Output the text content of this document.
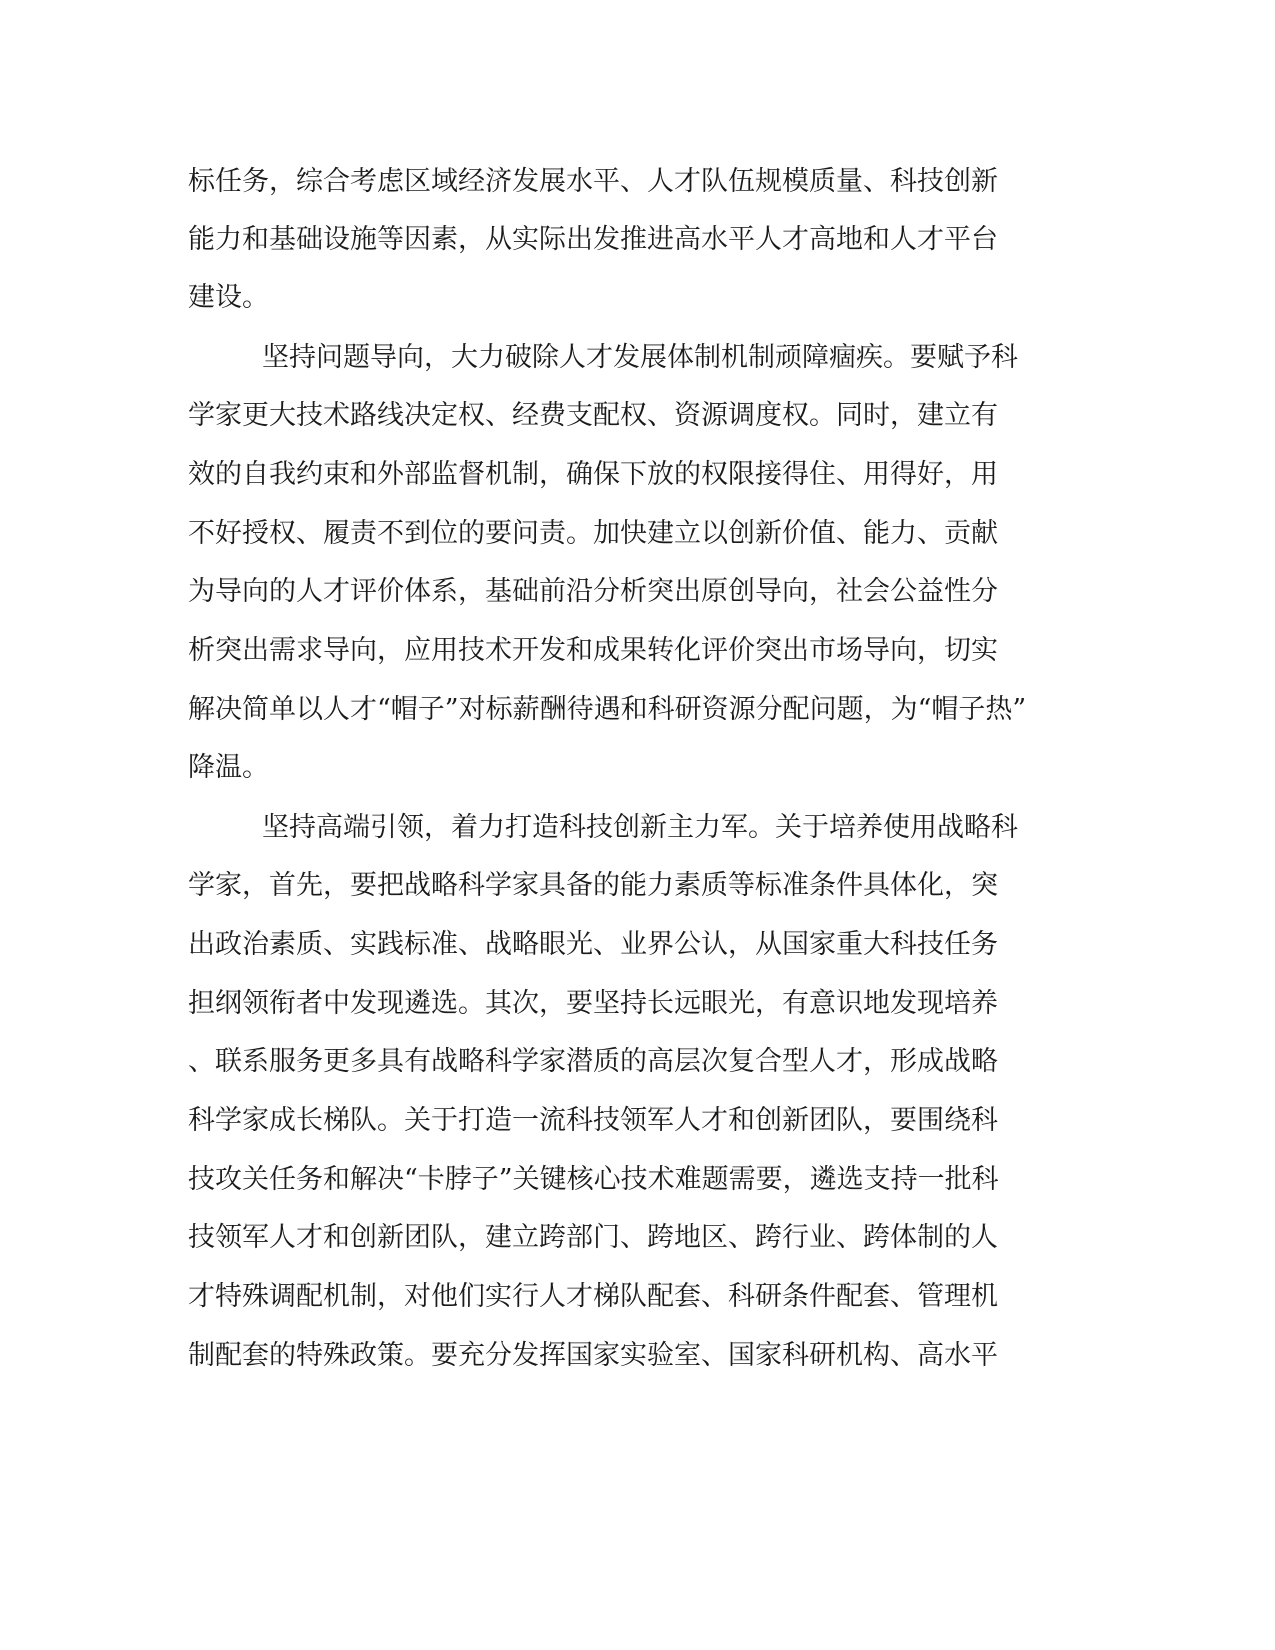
标任务，综合考虑区域经济发展水平、人才队伍规模质量、科技创新
能力和基础设施等因素，从实际出发推进高水平人才高地和人才平台
建设。
坚持问题导向，大力破除人才发展体制机制顽障痼疾。要赋予科
学家更大技术路线决定权、经费支配权、资源调度权。同时，建立有
效的自我约束和外部监督机制，确保下放的权限接得住、用得好，用
不好授权、履责不到位的要问责。加快建立以创新价值、能力、贡献
为导向的人才评价体系，基础前沿分析突出原创导向，社会公益性分
析突出需求导向，应用技术开发和成果转化评价突出市场导向，切实
解决简单以人才“帽子”对标薪酬待遇和科研资源分配问题，为“帽子热”
降温。
坚持高端引领，着力打造科技创新主力军。关于培养使用战略科
学家，首先，要把战略科学家具备的能力素质等标准条件具体化，突
出政治素质、实践标准、战略眼光、业界公认，从国家重大科技任务
担纲领衔者中发现遴选。其次，要坚持长远眼光，有意识地发现培养
、联系服务更多具有战略科学家潜质的高层次复合型人才，形成战略
科学家成长梯队。关于打造一流科技领军人才和创新团队，要围绕科
技攻关任务和解决“卡脖子”关键核心技术难题需要，遴选支持一批科
技领军人才和创新团队，建立跨部门、跨地区、跨行业、跨体制的人
才特殊调配机制，对他们实行人才梯队配套、科研条件配套、管理机
制配套的特殊政策。要充分发挥国家实验室、国家科研机构、高水平
